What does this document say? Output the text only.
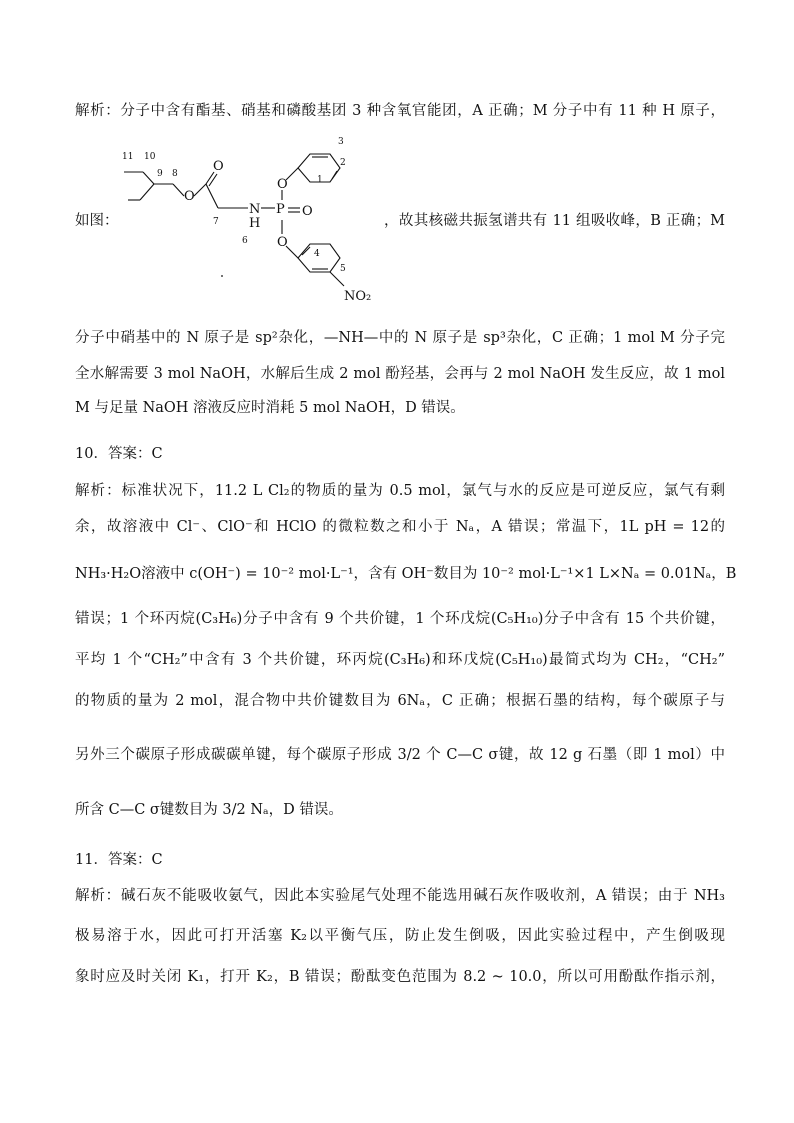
解析：分子中含有酯基、硝基和磷酸基团 3 种含氧官能团，A 正确；M 分子中有 11 种 H 原子，
如图：	，故其核磁共振氢谱共有 11 组吸收峰，B 正确；M
O
O
N
H
P O
O
O
NO₂
11 10
9 8
7
6
1
2
3
4
5
分子中硝基中的 N 原子是 sp²杂化，—NH—中的 N 原子是 sp³杂化，C 正确；1 mol M 分子完
全水解需要 3 mol NaOH，水解后生成 2 mol 酚羟基，会再与 2 mol NaOH 发生反应，故 1 mol
M 与足量 NaOH 溶液反应时消耗 5 mol NaOH，D 错误。
10．答案：C
解析：标准状况下，11.2 L Cl₂的物质的量为 0.5 mol，氯气与水的反应是可逆反应，氯气有剩
余，故溶液中 Cl⁻、ClO⁻和 HClO 的微粒数之和小于 Nₐ，A 错误；常温下，1L pH = 12的
NH₃·H₂O溶液中 c(OH⁻) = 10⁻² mol·L⁻¹，含有 OH⁻数目为 10⁻² mol·L⁻¹×1 L×Nₐ = 0.01Nₐ，B
错误；1 个环丙烷(C₃H₆)分子中含有 9 个共价键，1 个环戊烷(C₅H₁₀)分子中含有 15 个共价键，
平均 1 个“CH₂”中含有 3 个共价键，环丙烷(C₃H₆)和环戊烷(C₅H₁₀)最简式均为 CH₂，“CH₂”
的物质的量为 2 mol，混合物中共价键数目为 6Nₐ，C 正确；根据石墨的结构，每个碳原子与
另外三个碳原子形成碳碳单键，每个碳原子形成 3/2 个 C—C σ键，故 12 g 石墨（即 1 mol）中
所含 C—C σ键数目为 3/2 Nₐ，D 错误。
11．答案：C
解析：碱石灰不能吸收氨气，因此本实验尾气处理不能选用碱石灰作吸收剂，A 错误；由于 NH₃
极易溶于水，因此可打开活塞 K₂以平衡气压，防止发生倒吸，因此实验过程中，产生倒吸现
象时应及时关闭 K₁，打开 K₂，B 错误；酚酞变色范围为 8.2 ~ 10.0，所以可用酚酞作指示剂，
